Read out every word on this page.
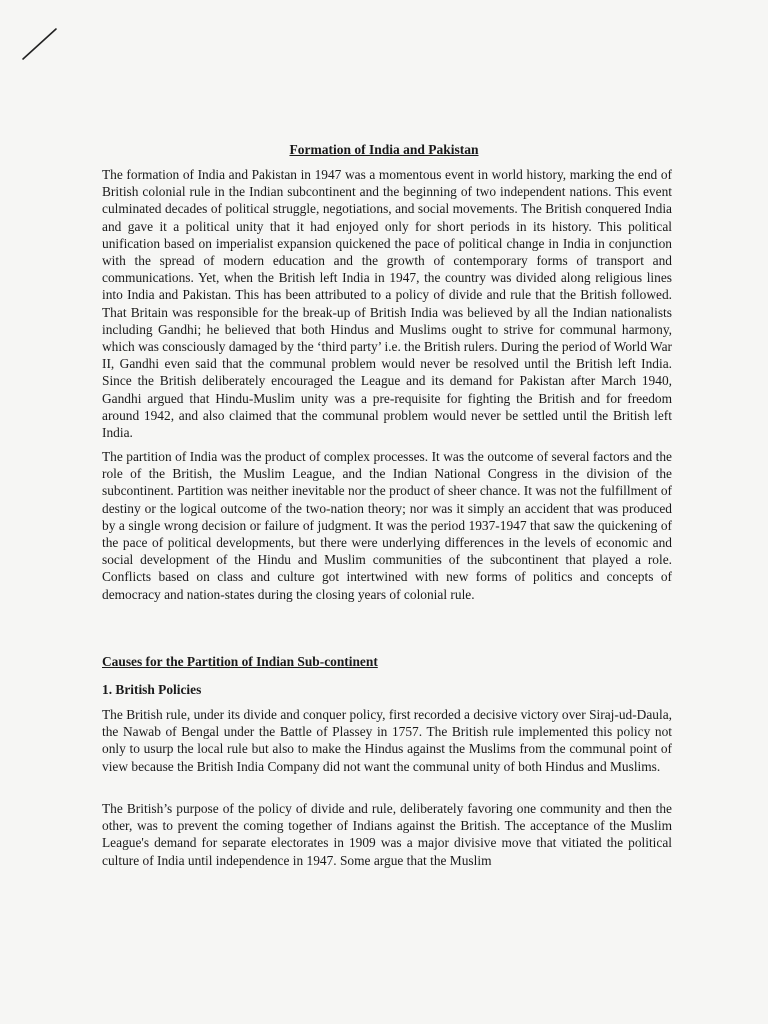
Formation of India and Pakistan
The formation of India and Pakistan in 1947 was a momentous event in world history, marking the end of British colonial rule in the Indian subcontinent and the beginning of two independent nations. This event culminated decades of political struggle, negotiations, and social movements. The British conquered India and gave it a political unity that it had enjoyed only for short periods in its history. This political unification based on imperialist expansion quickened the pace of political change in India in conjunction with the spread of modern education and the growth of contemporary forms of transport and communications. Yet, when the British left India in 1947, the country was divided along religious lines into India and Pakistan. This has been attributed to a policy of divide and rule that the British followed. That Britain was responsible for the break-up of British India was believed by all the Indian nationalists including Gandhi; he believed that both Hindus and Muslims ought to strive for communal harmony, which was consciously damaged by the ‘third party’ i.e. the British rulers. During the period of World War II, Gandhi even said that the communal problem would never be resolved until the British left India. Since the British deliberately encouraged the League and its demand for Pakistan after March 1940, Gandhi argued that Hindu-Muslim unity was a pre-requisite for fighting the British and for freedom around 1942, and also claimed that the communal problem would never be settled until the British left India.
The partition of India was the product of complex processes. It was the outcome of several factors and the role of the British, the Muslim League, and the Indian National Congress in the division of the subcontinent. Partition was neither inevitable nor the product of sheer chance. It was not the fulfillment of destiny or the logical outcome of the two-nation theory; nor was it simply an accident that was produced by a single wrong decision or failure of judgment. It was the period 1937-1947 that saw the quickening of the pace of political developments, but there were underlying differences in the levels of economic and social development of the Hindu and Muslim communities of the subcontinent that played a role. Conflicts based on class and culture got intertwined with new forms of politics and concepts of democracy and nation-states during the closing years of colonial rule.
Causes for the Partition of Indian Sub-continent
1. British Policies
The British rule, under its divide and conquer policy, first recorded a decisive victory over Siraj-ud-Daula, the Nawab of Bengal under the Battle of Plassey in 1757. The British rule implemented this policy not only to usurp the local rule but also to make the Hindus against the Muslims from the communal point of view because the British India Company did not want the communal unity of both Hindus and Muslims.
The British’s purpose of the policy of divide and rule, deliberately favoring one community and then the other, was to prevent the coming together of Indians against the British. The acceptance of the Muslim League's demand for separate electorates in 1909 was a major divisive move that vitiated the political culture of India until independence in 1947. Some argue that the Muslim
